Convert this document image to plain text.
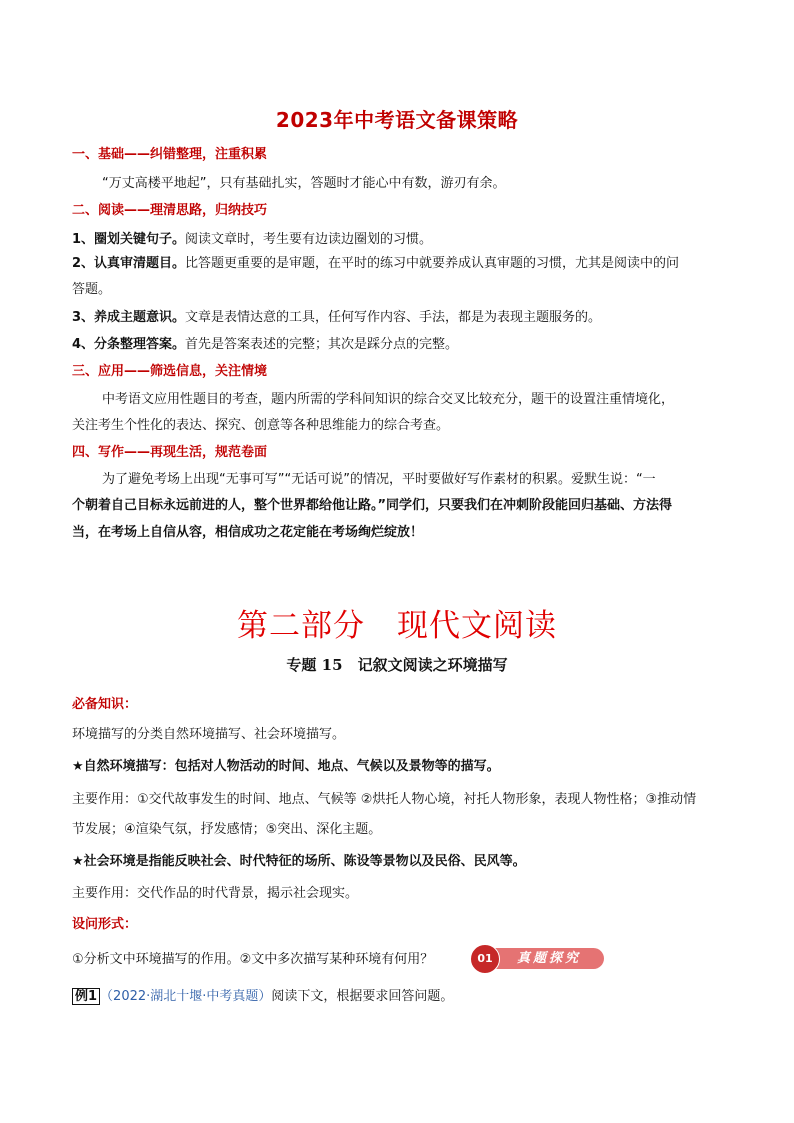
2023年中考语文备课策略
一、基础——纠错整理，注重积累
“万丈高楼平地起”，只有基础扎实，答题时才能心中有数，游刃有余。
二、阅读——理清思路，归纳技巧
1、圈划关键句子。阅读文章时，考生要有边读边圈划的习惯。
2、认真审清题目。比答题更重要的是审题，在平时的练习中就要养成认真审题的习惯，尤其是阅读中的问
答题。
3、养成主题意识。文章是表情达意的工具，任何写作内容、手法，都是为表现主题服务的。
4、分条整理答案。首先是答案表述的完整；其次是踩分点的完整。
三、应用——筛选信息，关注情境
中考语文应用性题目的考查，题内所需的学科间知识的综合交叉比较充分，题干的设置注重情境化，
关注考生个性化的表达、探究、创意等各种思维能力的综合考查。
四、写作——再现生活，规范卷面
为了避免考场上出现“无事可写”“无话可说”的情况，平时要做好写作素材的积累。爱默生说：“一
个朝着自己目标永远前进的人，整个世界都给他让路。”同学们，只要我们在冲刺阶段能回归基础、方法得
当，在考场上自信从容，相信成功之花定能在考场绚烂绽放！
第二部分　现代文阅读
专题 15　 记叙文阅读之环境描写
必备知识：
环境描写的分类自然环境描写、社会环境描写。
★自然环境描写：包括对人物活动的时间、地点、气候以及景物等的描写。
主要作用：①交代故事发生的时间、地点、气候等 ②烘托人物心境，衬托人物形象，表现人物性格；③推动情
节发展；④渲染气氛，抒发感情；⑤突出、深化主题。
★社会环境是指能反映社会、时代特征的场所、陈设等景物以及民俗、民风等。
主要作用：交代作品的时代背景，揭示社会现实。
设问形式：
①分析文中环境描写的作用。②文中多次描写某种环境有何用？	01	真题探究
例1 （2022·湖北十堰·中考真题）阅读下文，根据要求回答问题。
